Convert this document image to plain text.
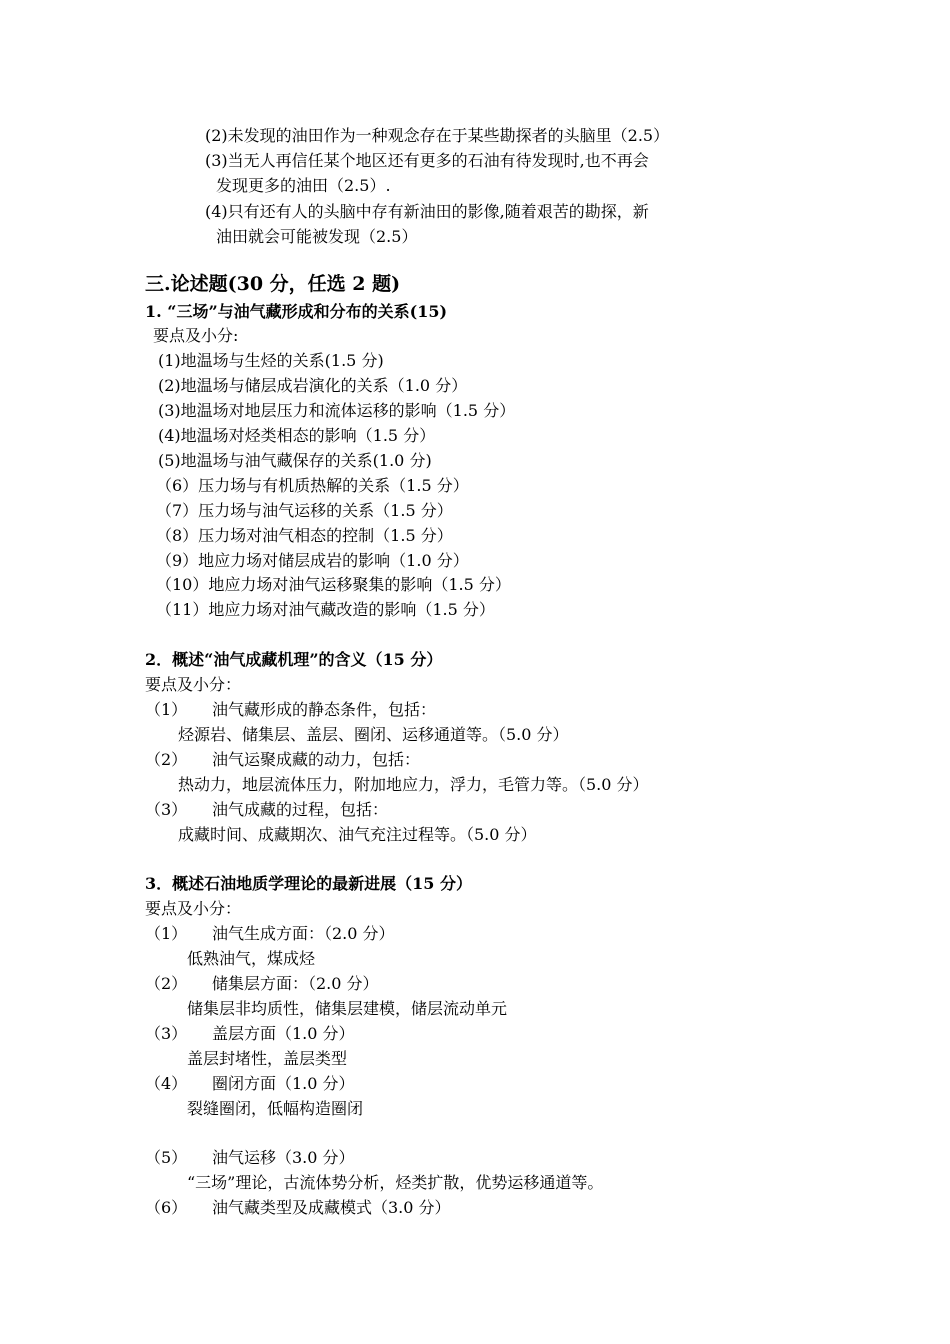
(2)未发现的油田作为一种观念存在于某些勘探者的头脑里（2.5）
(3)当无人再信任某个地区还有更多的石油有待发现时,也不再会
发现更多的油田（2.5）.
(4)只有还有人的头脑中存有新油田的影像,随着艰苦的勘探，新
油田就会可能被发现（2.5）
三.论述题(30 分，任选 2 题)
1. “三场”与油气藏形成和分布的关系(15)
要点及小分:
(1)地温场与生烃的关系(1.5 分)
(2)地温场与储层成岩演化的关系（1.0 分）
(3)地温场对地层压力和流体运移的影响（1.5 分）
(4)地温场对烃类相态的影响（1.5 分）
(5)地温场与油气藏保存的关系(1.0 分)
（6）压力场与有机质热解的关系（1.5 分）
（7）压力场与油气运移的关系（1.5 分）
（8）压力场对油气相态的控制（1.5 分）
（9）地应力场对储层成岩的影响（1.0 分）
（10）地应力场对油气运移聚集的影响（1.5 分）
（11）地应力场对油气藏改造的影响（1.5 分）
2．概述“油气成藏机理”的含义（15 分）
要点及小分：
（1） 油气藏形成的静态条件，包括：
烃源岩、储集层、盖层、圈闭、运移通道等。（5.0 分）
（2） 油气运聚成藏的动力，包括：
热动力，地层流体压力，附加地应力，浮力，毛管力等。（5.0 分）
（3） 油气成藏的过程，包括：
成藏时间、成藏期次、油气充注过程等。（5.0 分）
3．概述石油地质学理论的最新进展（15 分）
要点及小分：
（1） 油气生成方面：（2.0 分）
低熟油气，煤成烃
（2） 储集层方面：（2.0 分）
储集层非均质性，储集层建模，储层流动单元
（3） 盖层方面（1.0 分）
盖层封堵性，盖层类型
（4） 圈闭方面（1.0 分）
裂缝圈闭，低幅构造圈闭
（5） 油气运移（3.0 分）
“三场”理论，古流体势分析，烃类扩散，优势运移通道等。
（6） 油气藏类型及成藏模式（3.0 分）
